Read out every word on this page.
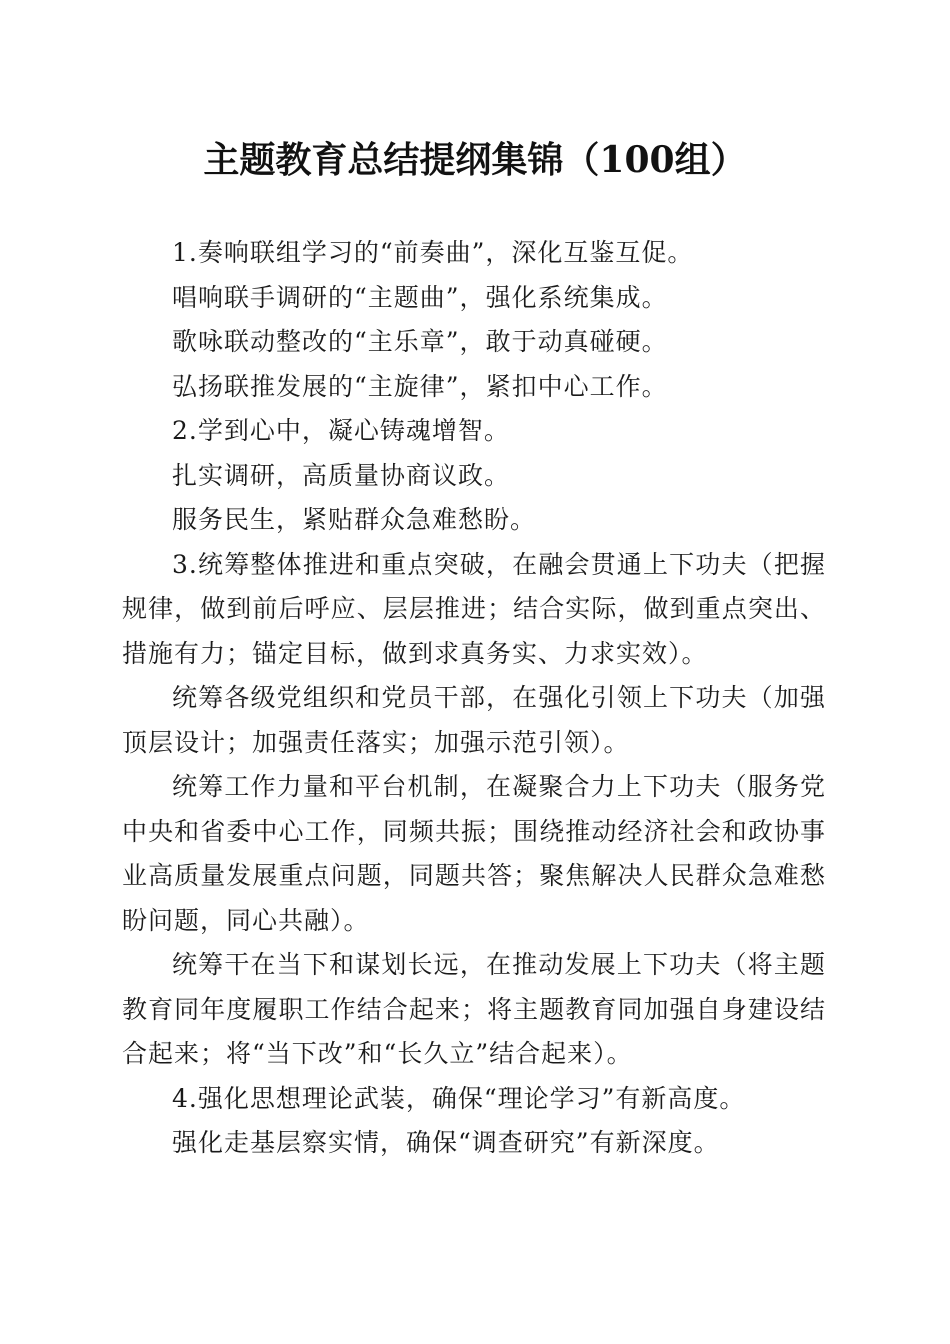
主题教育总结提纲集锦（100组）

1.奏响联组学习的“前奏曲”，深化互鉴互促。

唱响联手调研的“主题曲”，强化系统集成。

歌咏联动整改的“主乐章”，敢于动真碰硬。

弘扬联推发展的“主旋律”，紧扣中心工作。

2.学到心中，凝心铸魂增智。

扎实调研，高质量协商议政。

服务民生，紧贴群众急难愁盼。

3.统筹整体推进和重点突破，在融会贯通上下功夫（把握规律，做到前后呼应、层层推进；结合实际，做到重点突出、措施有力；锚定目标，做到求真务实、力求实效）。

统筹各级党组织和党员干部，在强化引领上下功夫（加强顶层设计；加强责任落实；加强示范引领）。

统筹工作力量和平台机制，在凝聚合力上下功夫（服务党中央和省委中心工作，同频共振；围绕推动经济社会和政协事业高质量发展重点问题，同题共答；聚焦解决人民群众急难愁盼问题，同心共融）。

统筹干在当下和谋划长远，在推动发展上下功夫（将主题教育同年度履职工作结合起来；将主题教育同加强自身建设结合起来；将“当下改”和“长久立”结合起来）。

4.强化思想理论武装，确保“理论学习”有新高度。

强化走基层察实情，确保“调查研究”有新深度。
